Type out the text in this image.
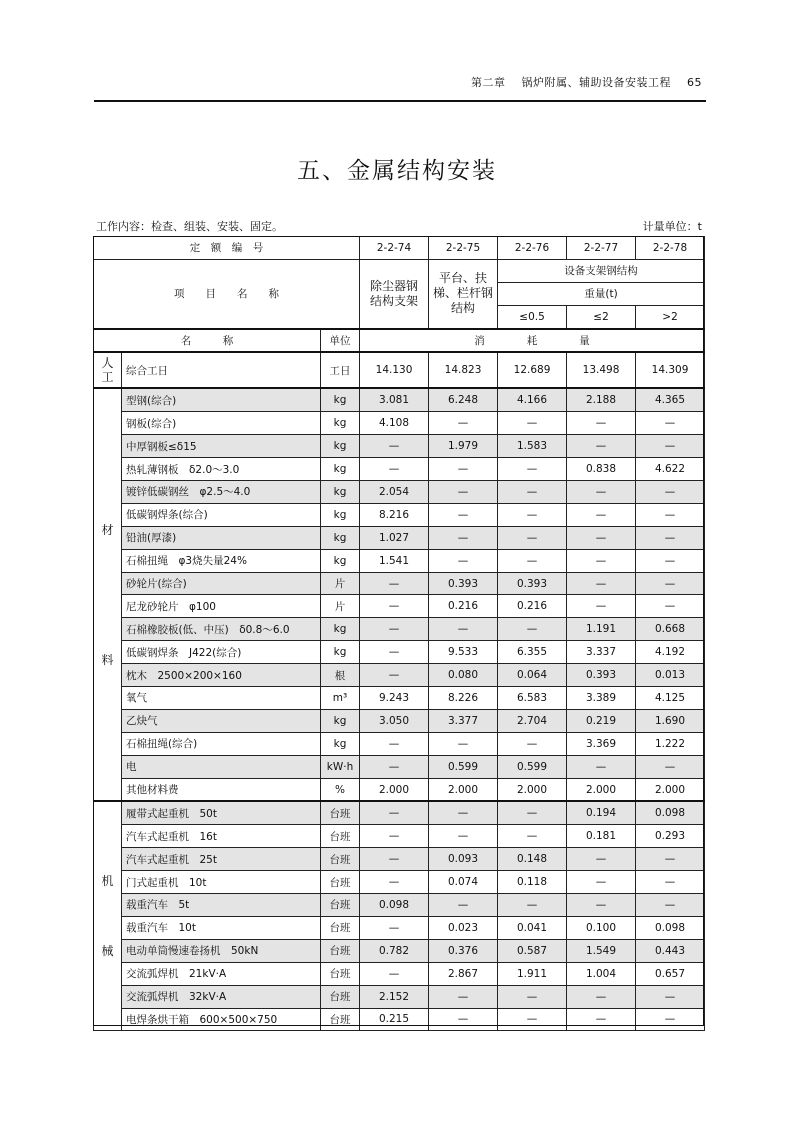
第二章 锅炉附属、辅助设备安装工程 65
五、金属结构安装
工作内容：检查、组装、安装、固定。	计量单位：t
定　额　编　号			2-2-74	2-2-75	2-2-76	2-2-77	2-2-78
项　　目　　名　　称			除尘器钢结构支架	平台、扶梯、栏杆钢结构	设备支架钢结构		
					重量(t)		
					≤0.5	≤2	>2
名　　　称		单位	消　　　　耗　　　　量				
人工	综合工日	工日	14.130	14.823	12.689	13.498	14.309

材
料	型钢(综合)	kg	3.081	6.248	4.166	2.188	4.365
	钢板(综合)	kg	4.108	—	—	—	—
	中厚钢板≤δ15	kg	—	1.979	1.583	—	—
	热轧薄钢板　δ2.0～3.0	kg	—	—	—	0.838	4.622
	镀锌低碳钢丝　φ2.5～4.0	kg	2.054	—	—	—	—
	低碳钢焊条(综合)	kg	8.216	—	—	—	—
	铅油(厚漆)	kg	1.027	—	—	—	—
	石棉扭绳　φ3烧失量24%	kg	1.541	—	—	—	—
	砂轮片(综合)	片	—	0.393	0.393	—	—
	尼龙砂轮片　φ100	片	—	0.216	0.216	—	—
	石棉橡胶板(低、中压)　δ0.8～6.0	kg	—	—	—	1.191	0.668
	低碳钢焊条　J422(综合)	kg	—	9.533	6.355	3.337	4.192
	枕木　2500×200×160	根	—	0.080	0.064	0.393	0.013
	氧气	m³	9.243	8.226	6.583	3.389	4.125
	乙炔气	kg	3.050	3.377	2.704	0.219	1.690
	石棉扭绳(综合)	kg	—	—	—	3.369	1.222
	电	kW·h	—	0.599	0.599	—	—
	其他材料费	%	2.000	2.000	2.000	2.000	2.000

机
械	履带式起重机　50t	台班	—	—	—	0.194	0.098
	汽车式起重机　16t	台班	—	—	—	0.181	0.293
	汽车式起重机　25t	台班	—	0.093	0.148	—	—
	门式起重机　10t	台班	—	0.074	0.118	—	—
	载重汽车　5t	台班	0.098	—	—	—	—
	载重汽车　10t	台班	—	0.023	0.041	0.100	0.098
	电动单筒慢速卷扬机　50kN	台班	0.782	0.376	0.587	1.549	0.443
	交流弧焊机　21kV·A	台班	—	2.867	1.911	1.004	0.657
	交流弧焊机　32kV·A	台班	2.152	—	—	—	—
	电焊条烘干箱　600×500×750	台班	0.215	—	—	—	—
